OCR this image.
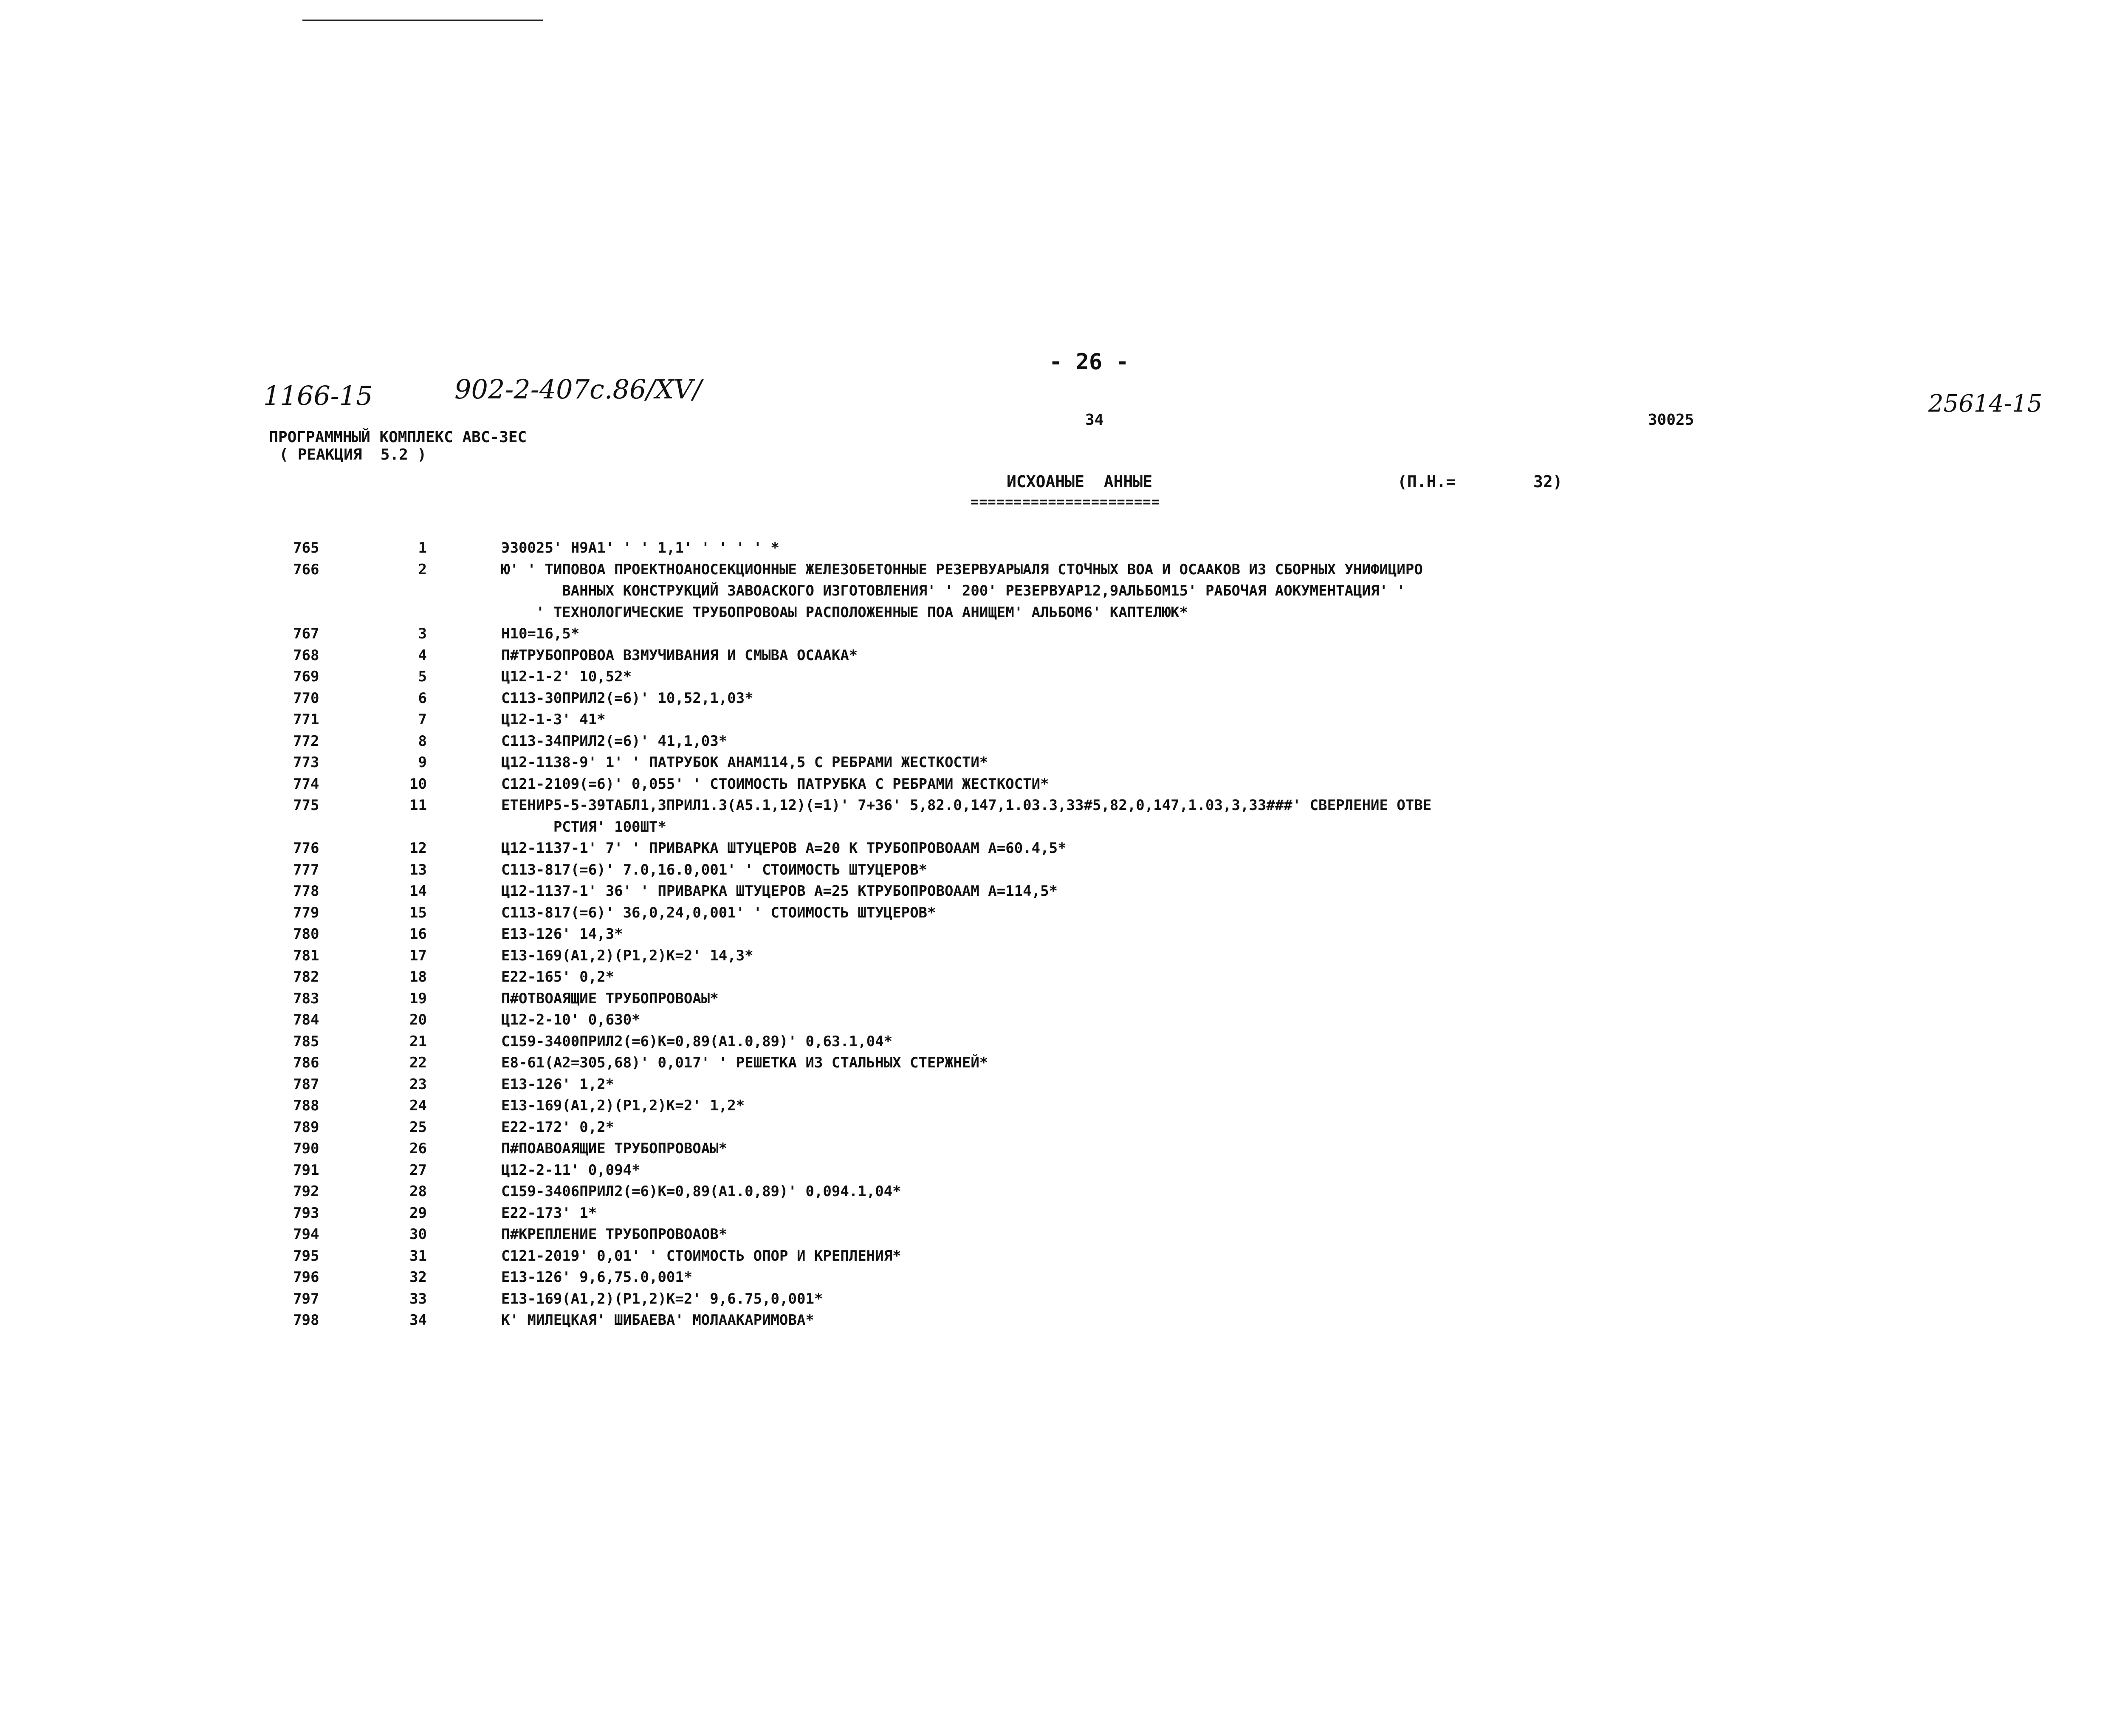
- 26 -
1166-15	902-2-407с.86/XV/	25614-15

ПРОГРАММНЫЙ КОМПЛЕКС АВС-ЗЕС
( РЕАКЦИЯ  5.2 )

34	30025
ИСХОАНЫЕ  АННЫЕ	(П.Н.=	32)
======================
765	1	Э30025' Н9А1' ' ' 1,1' ' ' ' ' *
766	2	Ю' ' ТИПОВОА ПРОЕКТНОАНОСЕКЦИОННЫЕ ЖЕЛЕЗОБЕТОННЫЕ РЕЗЕРВУАРЫАЛЯ СТОЧНЫХ ВОА И ОСААКОВ ИЗ СБОРНЫХ УНИФИЦИРО
ВАННЫХ КОНСТРУКЦИЙ ЗАВОАСКОГО ИЗГОТОВЛЕНИЯ' ' 200' РЕЗЕРВУАР12,9АЛЬБОМ15' РАБОЧАЯ АОКУМЕНТАЦИЯ' '
' ТЕХНОЛОГИЧЕСКИЕ ТРУБОПРОВОАЫ РАСПОЛОЖЕННЫЕ ПОА АНИЩЕМ' АЛЬБОМ6' КАПТЕЛЮК*
767	3	Н10=16,5*
768	4	П#ТРУБОПРОВОА ВЗМУЧИВАНИЯ И СМЫВА ОСААКА*
769	5	Ц12-1-2' 10,52*
770	6	С113-30ПРИЛ2(=6)' 10,52,1,03*
771	7	Ц12-1-3' 41*
772	8	С113-34ПРИЛ2(=6)' 41,1,03*
773	9	Ц12-1138-9' 1' ' ПАТРУБОК АНАМ114,5 С РЕБРАМИ ЖЕСТКОСТИ*
774	10	С121-2109(=6)' 0,055' ' СТОИМОСТЬ ПАТРУБКА С РЕБРАМИ ЖЕСТКОСТИ*
775	11	ЕТЕНИР5-5-39ТАБЛ1,3ПРИЛ1.3(А5.1,12)(=1)' 7+36' 5,82.0,147,1.03.3,33#5,82,0,147,1.03,3,33###' СВЕРЛЕНИЕ ОТВЕ
РСТИЯ' 100ШТ*
776	12	Ц12-1137-1' 7' ' ПРИВАРКА ШТУЦЕРОВ А=20 К ТРУБОПРОВОААМ А=60.4,5*
777	13	С113-817(=6)' 7.0,16.0,001' ' СТОИМОСТЬ ШТУЦЕРОВ*
778	14	Ц12-1137-1' 36' ' ПРИВАРКА ШТУЦЕРОВ А=25 КТРУБОПРОВОААМ А=114,5*
779	15	С113-817(=6)' 36,0,24,0,001' ' СТОИМОСТЬ ШТУЦЕРОВ*
780	16	Е13-126' 14,3*
781	17	Е13-169(А1,2)(Р1,2)К=2' 14,3*
782	18	Е22-165' 0,2*
783	19	П#ОТВОАЯЩИЕ ТРУБОПРОВОАЫ*
784	20	Ц12-2-10' 0,630*
785	21	С159-3400ПРИЛ2(=6)К=0,89(А1.0,89)' 0,63.1,04*
786	22	Е8-61(А2=305,68)' 0,017' ' РЕШЕТКА ИЗ СТАЛЬНЫХ СТЕРЖНЕЙ*
787	23	Е13-126' 1,2*
788	24	Е13-169(А1,2)(Р1,2)К=2' 1,2*
789	25	Е22-172' 0,2*
790	26	П#ПОАВОАЯЩИЕ ТРУБОПРОВОАЫ*
791	27	Ц12-2-11' 0,094*
792	28	С159-3406ПРИЛ2(=6)К=0,89(А1.0,89)' 0,094.1,04*
793	29	Е22-173' 1*
794	30	П#КРЕПЛЕНИЕ ТРУБОПРОВОАОВ*
795	31	С121-2019' 0,01' ' СТОИМОСТЬ ОПОР И КРЕПЛЕНИЯ*
796	32	Е13-126' 9,6,75.0,001*
797	33	Е13-169(А1,2)(Р1,2)К=2' 9,6.75,0,001*
798	34	К' МИЛЕЦКАЯ' ШИБАЕВА' МОЛААКАРИМОВА*
